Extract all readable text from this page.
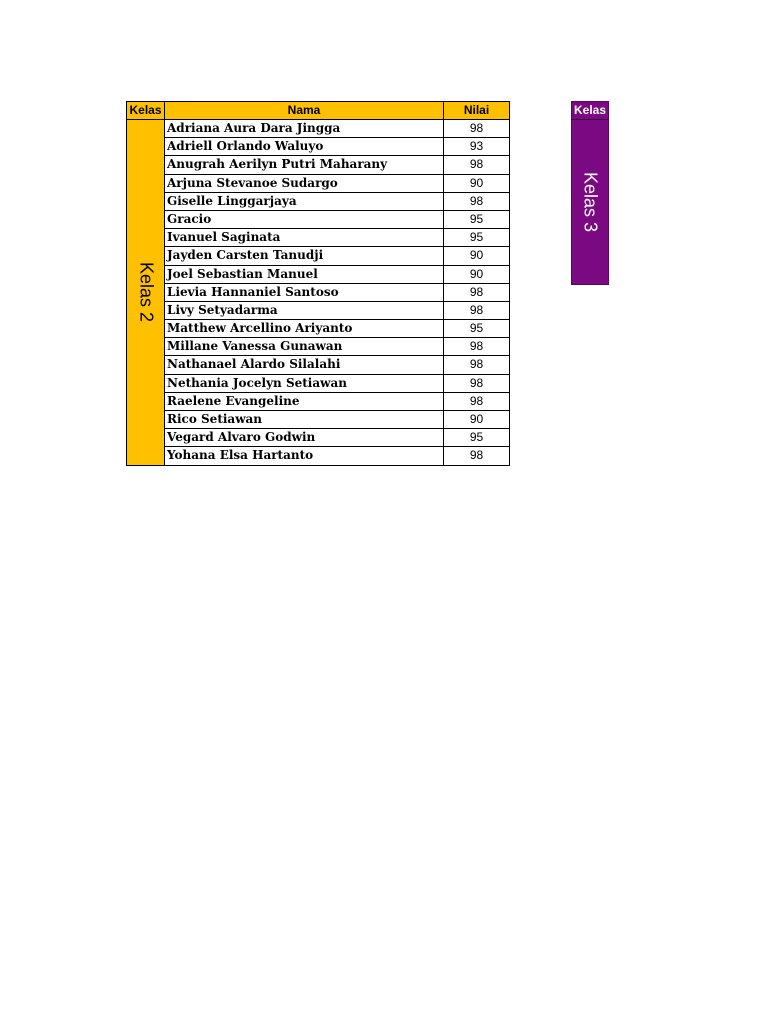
Kelas	Nama	Nilai
Kelas 2
Adriana Aura Dara Jingga	98
Adriell Orlando Waluyo	93
Anugrah Aerilyn Putri Maharany	98
Arjuna Stevanoe Sudargo	90
Giselle Linggarjaya	98
Gracio	95
Ivanuel Saginata	95
Jayden Carsten Tanudji	90
Joel Sebastian Manuel	90
Lievia Hannaniel Santoso	98
Livy Setyadarma	98
Matthew Arcellino Ariyanto	95
Millane Vanessa Gunawan	98
Nathanael Alardo Silalahi	98
Nethania Jocelyn Setiawan	98
Raelene Evangeline	98
Rico Setiawan	90
Vegard Alvaro Godwin	95
Yohana Elsa Hartanto	98
Kelas
Kelas 3
